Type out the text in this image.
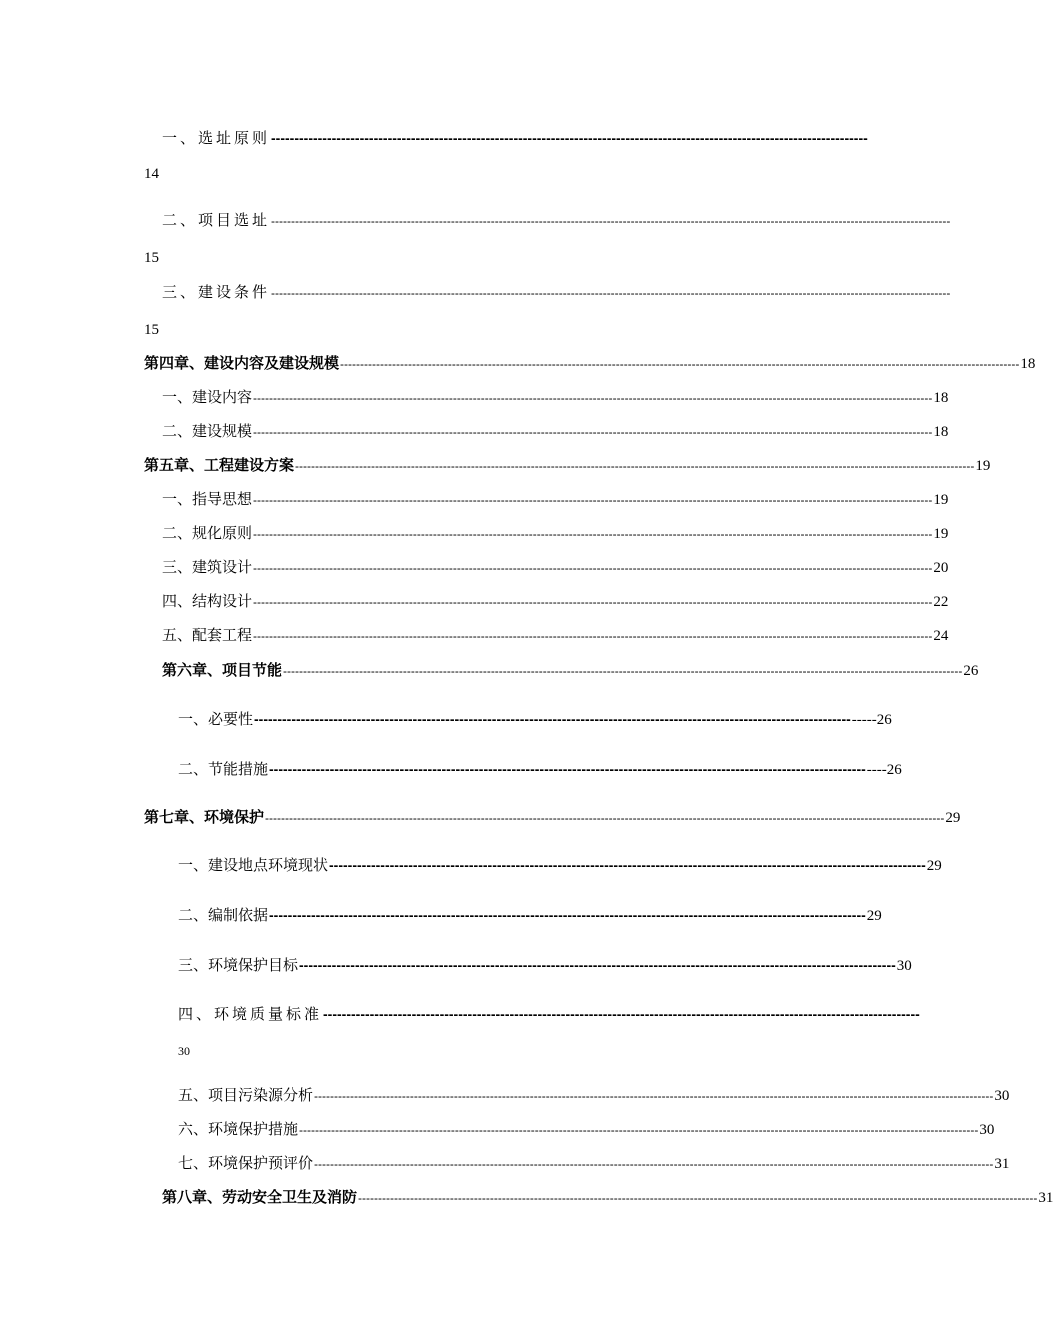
一、选址原则 --------------------------------------------------------------------------------------------------------------------------------
14
二、项目选址 --------------------------------------------------------------------------------------------------------------------------------------------------------------------------
15
三、建设条件 --------------------------------------------------------------------------------------------------------------------------------------------------------------------------
15
第四章、建设内容及建设规模 -------------------------------------------------------------------------------------------------------------------------------------------------------------------------- 18
一、建设内容 -------------------------------------------------------------------------------------------------------------------------------------------------------------------------- 18
二、建设规模 -------------------------------------------------------------------------------------------------------------------------------------------------------------------------- 18
第五章、工程建设方案 -------------------------------------------------------------------------------------------------------------------------------------------------------------------------- 19
一、指导思想 -------------------------------------------------------------------------------------------------------------------------------------------------------------------------- 19
二、规化原则 -------------------------------------------------------------------------------------------------------------------------------------------------------------------------- 19
三、建筑设计 -------------------------------------------------------------------------------------------------------------------------------------------------------------------------- 20
四、结构设计 -------------------------------------------------------------------------------------------------------------------------------------------------------------------------- 22
五、配套工程 -------------------------------------------------------------------------------------------------------------------------------------------------------------------------- 24
第六章、项目节能 -------------------------------------------------------------------------------------------------------------------------------------------------------------------------- 26
一、必要性 -------------------------------------------------------------------------------------------------------------------------------- -----26
二、节能措施 -------------------------------------------------------------------------------------------------------------------------------- ----26
第七章、环境保护 -------------------------------------------------------------------------------------------------------------------------------------------------------------------------- 29
一、建设地点环境现状 -------------------------------------------------------------------------------------------------------------------------------- 29
二、编制依据 -------------------------------------------------------------------------------------------------------------------------------- 29
三、环境保护目标 -------------------------------------------------------------------------------------------------------------------------------- 30
四、环境质量标准 --------------------------------------------------------------------------------------------------------------------------------
30
五、项目污染源分析 -------------------------------------------------------------------------------------------------------------------------------------------------------------------------- 30
六、环境保护措施 -------------------------------------------------------------------------------------------------------------------------------------------------------------------------- 30
七、环境保护预评价 -------------------------------------------------------------------------------------------------------------------------------------------------------------------------- 31
第八章、劳动安全卫生及消防 -------------------------------------------------------------------------------------------------------------------------------------------------------------------------- 31
